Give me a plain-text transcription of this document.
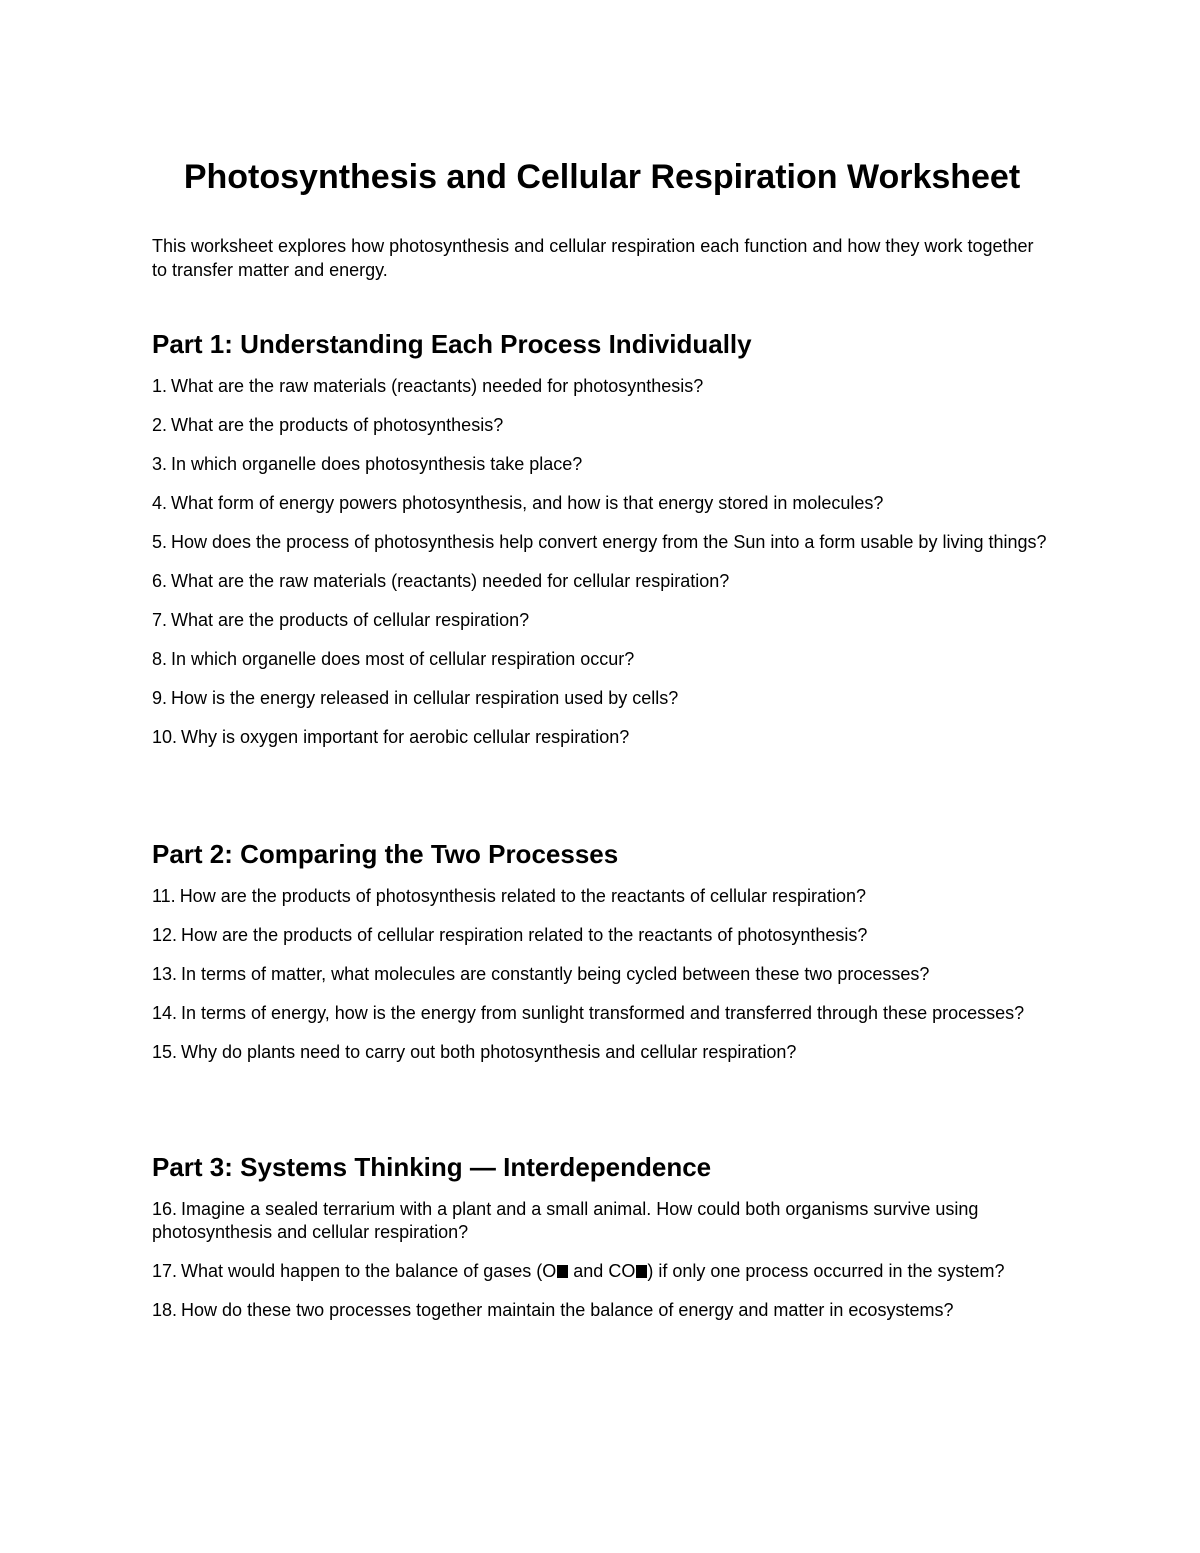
Photosynthesis and Cellular Respiration Worksheet
This worksheet explores how photosynthesis and cellular respiration each function and how they work together to transfer matter and energy.
Part 1: Understanding Each Process Individually
1. What are the raw materials (reactants) needed for photosynthesis?
2. What are the products of photosynthesis?
3. In which organelle does photosynthesis take place?
4. What form of energy powers photosynthesis, and how is that energy stored in molecules?
5. How does the process of photosynthesis help convert energy from the Sun into a form usable by living things?
6. What are the raw materials (reactants) needed for cellular respiration?
7. What are the products of cellular respiration?
8. In which organelle does most of cellular respiration occur?
9. How is the energy released in cellular respiration used by cells?
10. Why is oxygen important for aerobic cellular respiration?
Part 2: Comparing the Two Processes
11. How are the products of photosynthesis related to the reactants of cellular respiration?
12. How are the products of cellular respiration related to the reactants of photosynthesis?
13. In terms of matter, what molecules are constantly being cycled between these two processes?
14. In terms of energy, how is the energy from sunlight transformed and transferred through these processes?
15. Why do plants need to carry out both photosynthesis and cellular respiration?
Part 3: Systems Thinking — Interdependence
16. Imagine a sealed terrarium with a plant and a small animal. How could both organisms survive using photosynthesis and cellular respiration?
17. What would happen to the balance of gases (O and CO ) if only one process occurred in the system?
18. How do these two processes together maintain the balance of energy and matter in ecosystems?
